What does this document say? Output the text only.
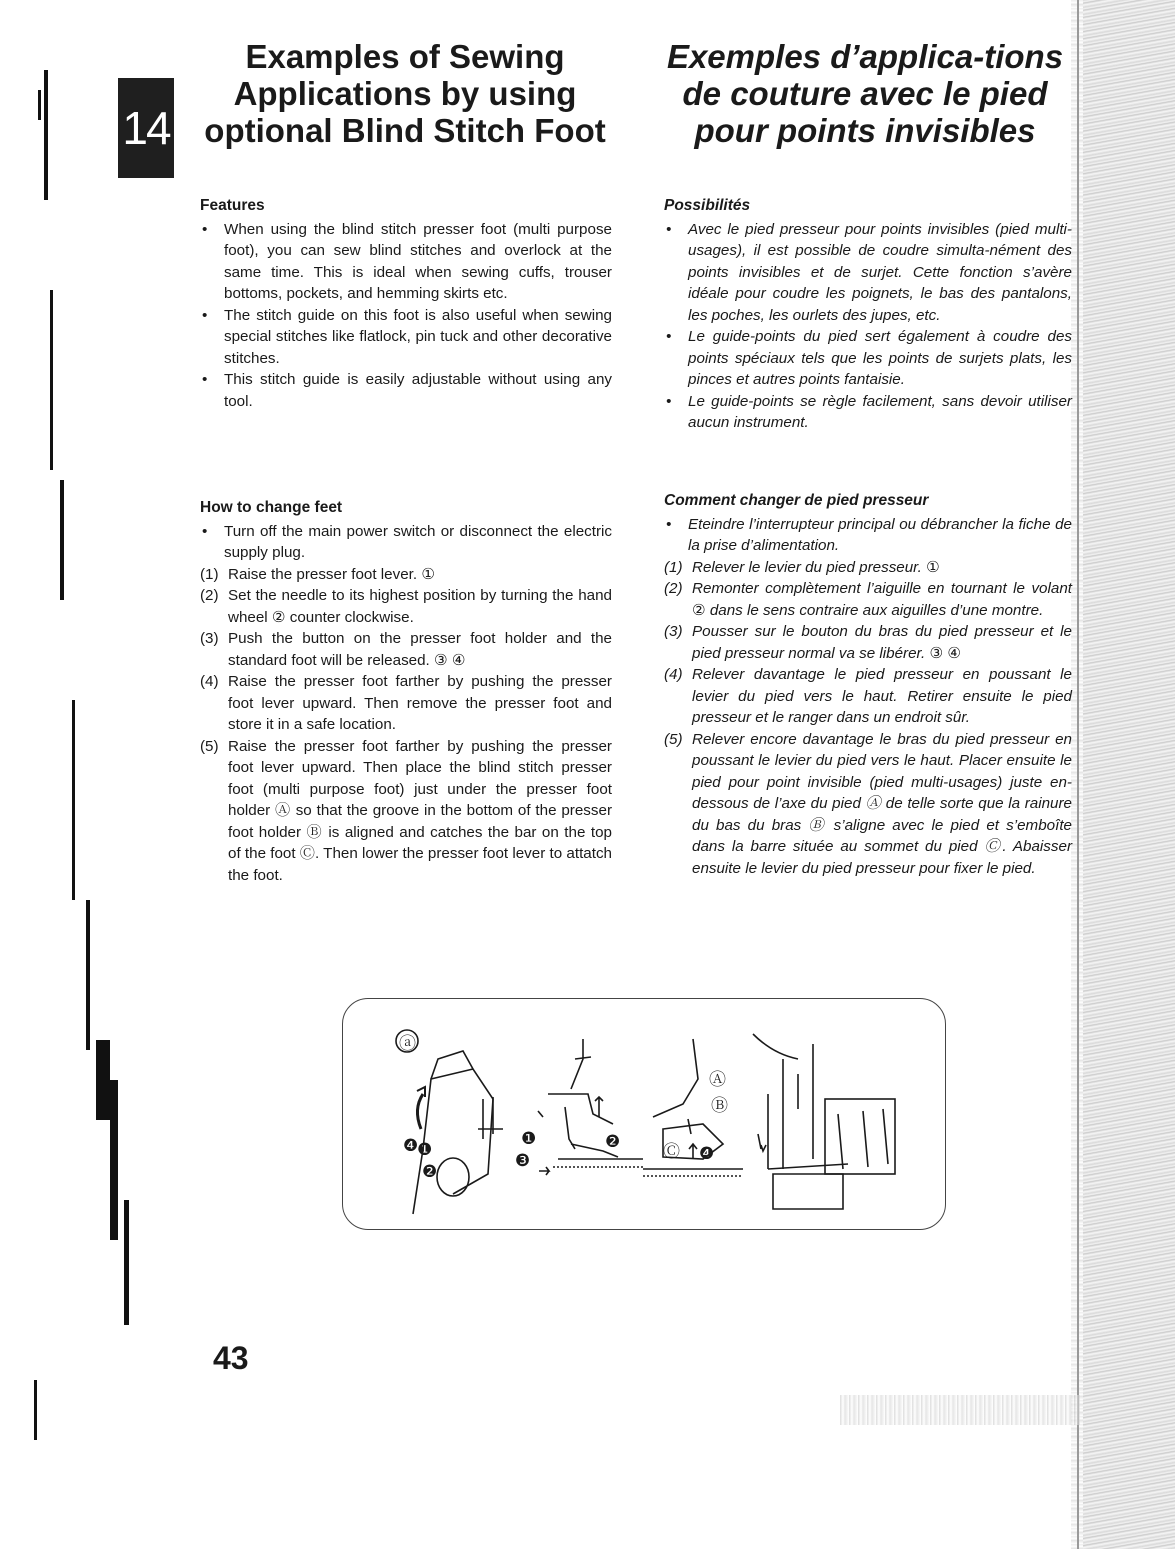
14
Examples of Sewing Applications by using optional Blind Stitch Foot
Exemples d’applica-tions de couture avec le pied pour points invisibles
Features
• When using the blind stitch presser foot (multi purpose foot), you can sew blind stitches and overlock at the same time. This is ideal when sewing cuffs, trouser bottoms, pockets, and hemming skirts etc.
• The stitch guide on this foot is also useful when sewing special stitches like flatlock, pin tuck and other decorative stitches.
• This stitch guide is easily adjustable without using any tool.
Possibilités
• Avec le pied presseur pour points invisibles (pied multi-usages), il est possible de coudre simulta-nément des points invisibles et de surjet. Cette fonction s’avère idéale pour coudre les poignets, le bas des pantalons, les poches, les ourlets des jupes, etc.
• Le guide-points du pied sert également à coudre des points spéciaux tels que les points de surjets plats, les pinces et autres points fantaisie.
• Le guide-points se règle facilement, sans devoir utiliser aucun instrument.
How to change feet
• Turn off the main power switch or disconnect the electric supply plug.
(1) Raise the presser foot lever. ①
(2) Set the needle to its highest position by turning the hand wheel ② counter clockwise.
(3) Push the button on the presser foot holder and the standard foot will be released. ③ ④
(4) Raise the presser foot farther by pushing the presser foot lever upward. Then remove the presser foot and store it in a safe location.
(5) Raise the presser foot farther by pushing the presser foot lever upward. Then place the blind stitch presser foot (multi purpose foot) just under the presser foot holder Ⓐ so that the groove in the bottom of the presser foot holder Ⓑ is aligned and catches the bar on the top of the foot Ⓒ. Then lower the presser foot lever to attatch the foot.
Comment changer de pied presseur
• Eteindre l’interrupteur principal ou débrancher la fiche de la prise d’alimentation.
(1) Relever le levier du pied presseur. ①
(2) Remonter complètement l’aiguille en tournant le volant ② dans le sens contraire aux aiguilles d’une montre.
(3) Pousser sur le bouton du bras du pied presseur et le pied presseur normal va se libérer. ③ ④
(4) Relever davantage le pied presseur en poussant le levier du pied vers le haut. Retirer ensuite le pied presseur et le ranger dans un endroit sûr.
(5) Relever encore davantage le bras du pied presseur en poussant le levier du pied vers le haut. Placer ensuite le pied pour point invisible (pied multi-usages) juste en-dessous de l’axe du pied Ⓐ de telle sorte que la rainure du bas du bras Ⓑ s’aligne avec le pied et s’emboîte dans la barre située au sommet du pied Ⓒ. Abaisser ensuite le levier du pied presseur pour fixer le pied.
ⓐ
❹
❶
❷
❶
❸
❷
Ⓐ
Ⓑ
Ⓒ ❹
43
